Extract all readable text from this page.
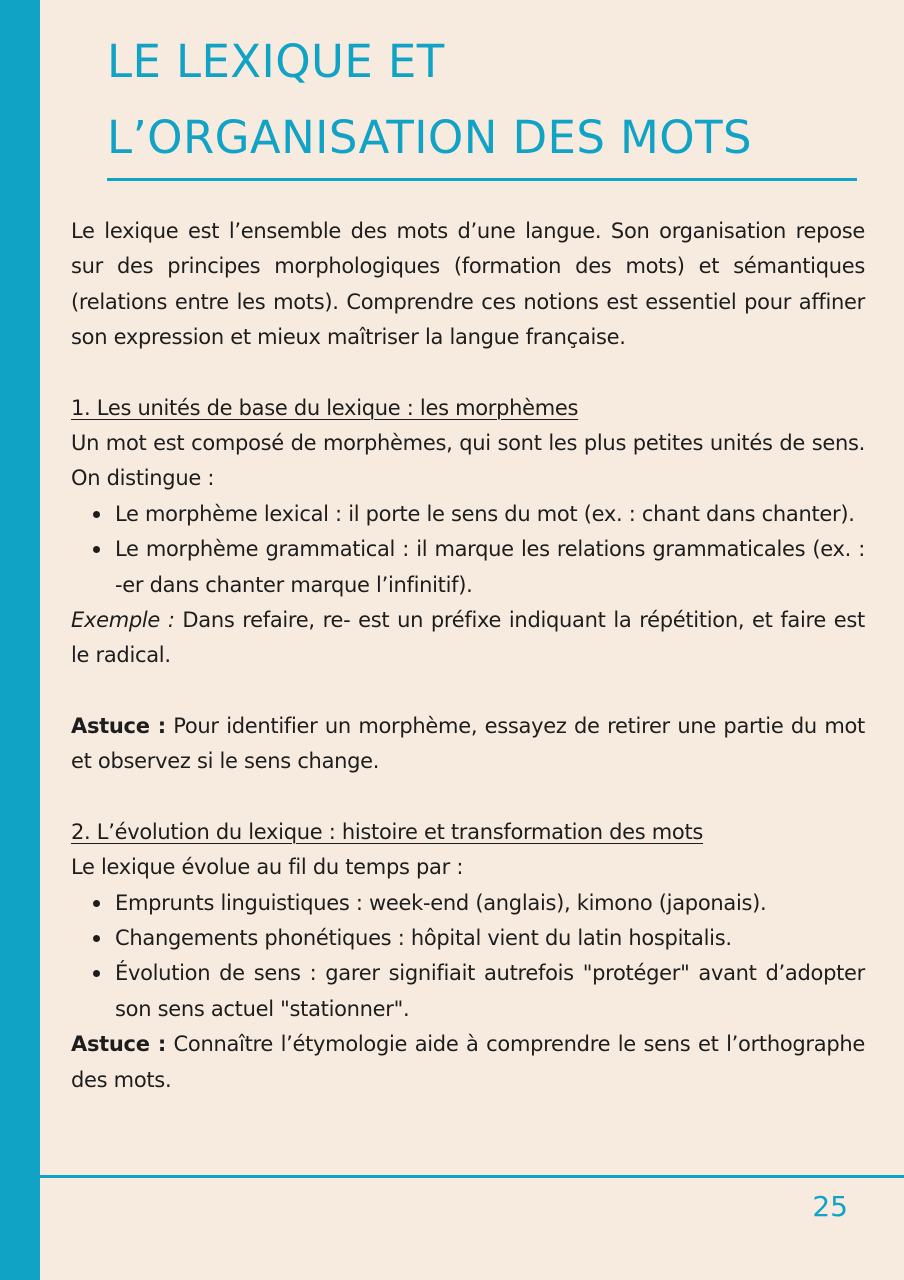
LE LEXIQUE ET
L’ORGANISATION DES MOTS

Le lexique est l’ensemble des mots d’une langue. Son organisation repose sur des principes morphologiques (formation des mots) et sémantiques (relations entre les mots). Comprendre ces notions est essentiel pour affiner son expression et mieux maîtriser la langue française.

1. Les unités de base du lexique : les morphèmes

Un mot est composé de morphèmes, qui sont les plus petites unités de sens. On distingue :

Le morphème lexical : il porte le sens du mot (ex. : chant dans chanter).
Le morphème grammatical : il marque les relations grammaticales (ex. : -er dans chanter marque l’infinitif).

Exemple : Dans refaire, re- est un préfixe indiquant la répétition, et faire est le radical.

Astuce : Pour identifier un morphème, essayez de retirer une partie du mot et observez si le sens change.

2. L’évolution du lexique : histoire et transformation des mots

Le lexique évolue au fil du temps par :

Emprunts linguistiques : week-end (anglais), kimono (japonais).
Changements phonétiques : hôpital vient du latin hospitalis.
Évolution de sens : garer signifiait autrefois "protéger" avant d’adopter son sens actuel "stationner".

Astuce : Connaître l’étymologie aide à comprendre le sens et l’orthographe des mots.

25
